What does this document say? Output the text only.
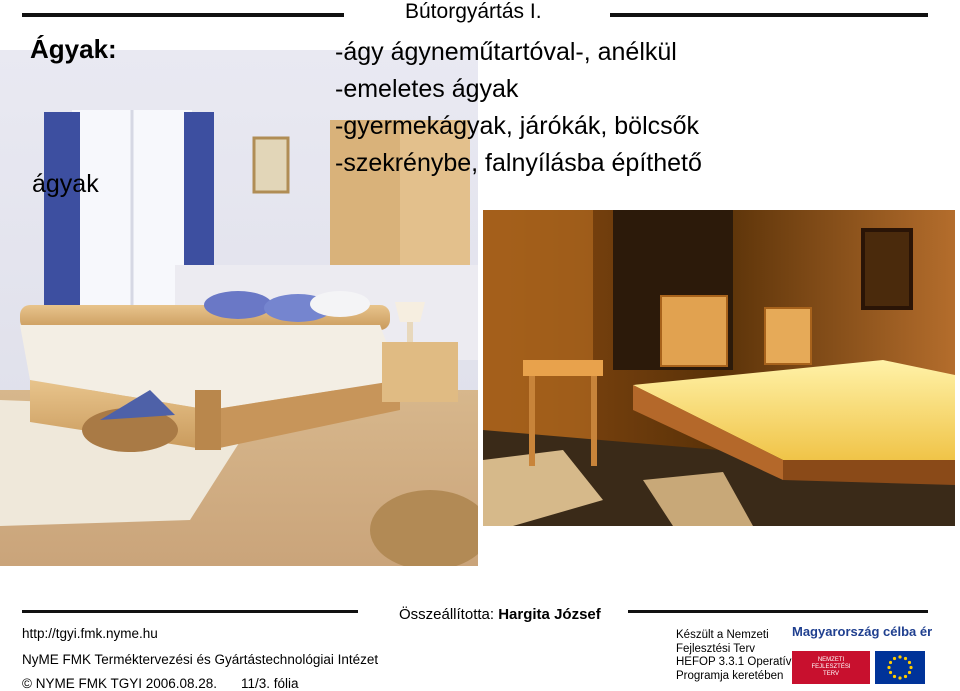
Bútorgyártás I.
Ágyak:
ágyak
-ágy ágyneműtartóval-, anélkül
-emeletes ágyak
-gyermekágyak, járókák, bölcsők
-szekrénybe, falnyílásba építhető
Összeállította: Hargita József
http://tgyi.fmk.nyme.hu
NyME FMK Terméktervezési és Gyártástechnológiai Intézet
© NYME FMK TGYI 2006.08.28. 11/3. fólia
Készült a Nemzeti
Fejlesztési Terv
HEFOP 3.3.1 Operatív
Programja keretében
Magyarország célba ér
NEMZETI
FEJLESZTÉSI
TERV
